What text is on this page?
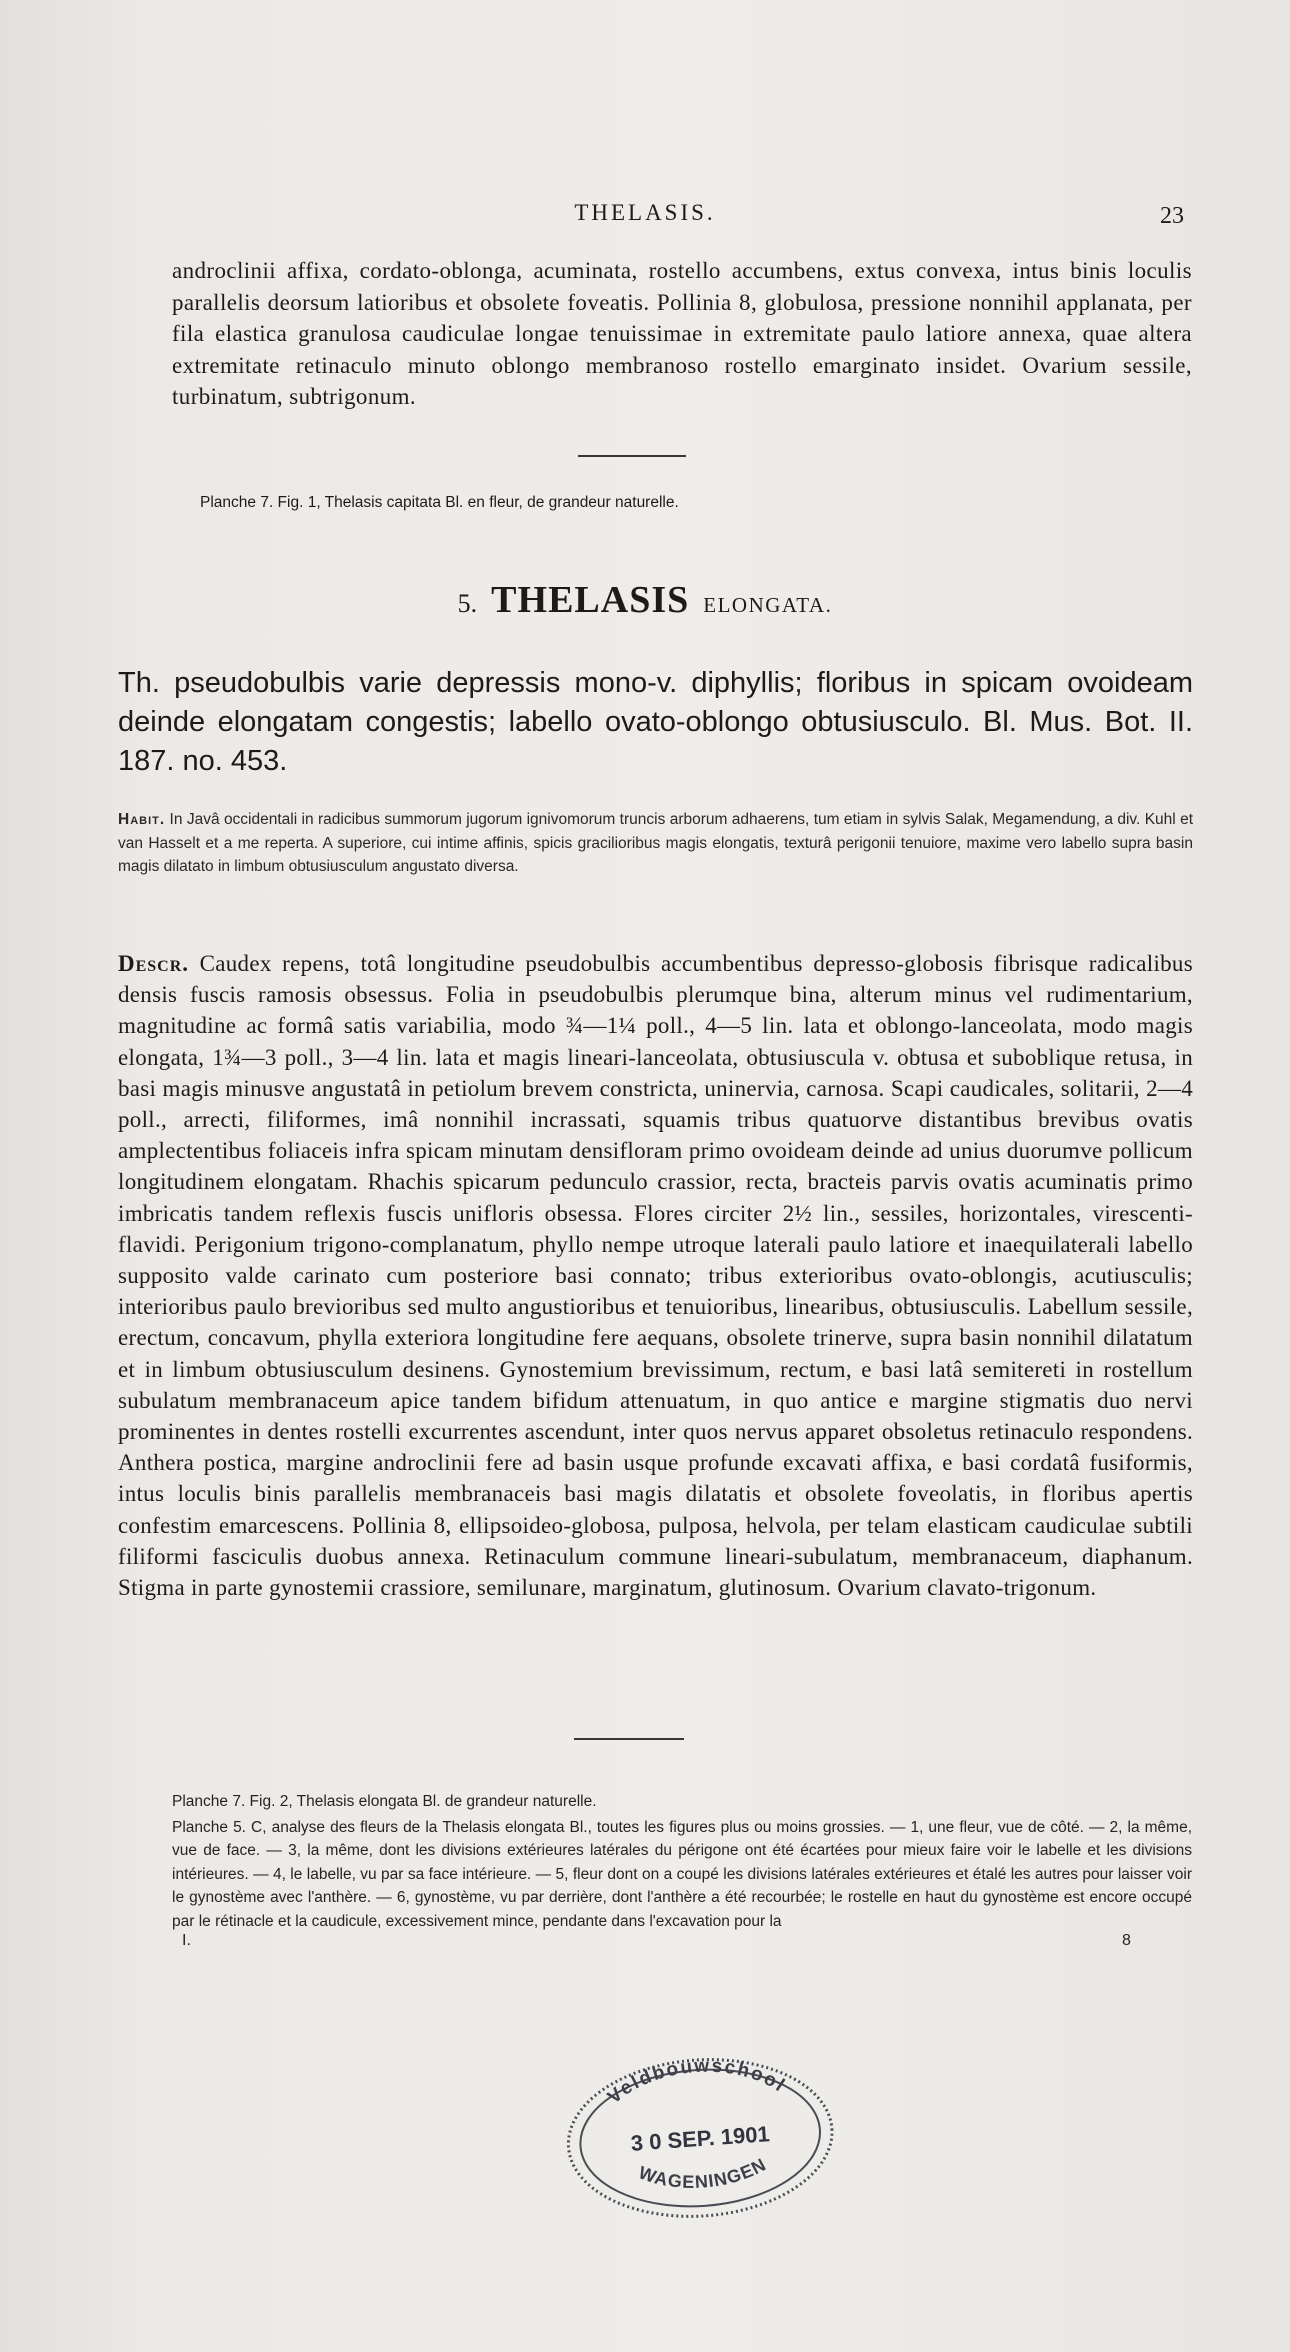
THELASIS.	23

androclinii affixa, cordato-oblonga, acuminata, rostello accumbens, extus convexa, intus binis loculis parallelis deorsum latioribus et obsolete foveatis. Pollinia 8, globulosa, pressione nonnihil applanata, per fila elastica granulosa caudiculae longae tenuissimae in extremitate paulo latiore annexa, quae altera extremitate retinaculo minuto oblongo membranoso rostello emarginato insidet. Ovarium sessile, turbinatum, subtrigonum.

Planche 7. Fig. 1, Thelasis capitata Bl. en fleur, de grandeur naturelle.
5. THELASIS ELONGATA.

Th. pseudobulbis varie depressis mono-v. diphyllis; floribus in spicam ovoideam deinde elongatam congestis; labello ovato-oblongo obtusiusculo. Bl. Mus. Bot. II. 187. no. 453.

Habit. In Javâ occidentali in radicibus summorum jugorum ignivomorum truncis arborum adhaerens, tum etiam in sylvis Salak, Megamendung, a div. Kuhl et van Hasselt et a me reperta. A superiore, cui intime affinis, spicis gracilioribus magis elongatis, texturâ perigonii tenuiore, maxime vero labello supra basin magis dilatato in limbum obtusiusculum angustato diversa.

Descr. Caudex repens, totâ longitudine pseudobulbis accumbentibus depresso-globosis fibrisque radicalibus densis fuscis ramosis obsessus. Folia in pseudobulbis plerumque bina, alterum minus vel rudimentarium, magnitudine ac formâ satis variabilia, modo ¾—1¼ poll., 4—5 lin. lata et oblongo-lanceolata, modo magis elongata, 1¾—3 poll., 3—4 lin. lata et magis lineari-lanceolata, obtusiuscula v. obtusa et suboblique retusa, in basi magis minusve angustatâ in petiolum brevem constricta, uninervia, carnosa. Scapi caudicales, solitarii, 2—4 poll., arrecti, filiformes, imâ nonnihil incrassati, squamis tribus quatuorve distantibus brevibus ovatis amplectentibus foliaceis infra spicam minutam densifloram primo ovoideam deinde ad unius duorumve pollicum longitudinem elongatam. Rhachis spicarum pedunculo crassior, recta, bracteis parvis ovatis acuminatis primo imbricatis tandem reflexis fuscis unifloris obsessa. Flores circiter 2½ lin., sessiles, horizontales, virescenti-flavidi. Perigonium trigono-complanatum, phyllo nempe utroque laterali paulo latiore et inaequilaterali labello supposito valde carinato cum posteriore basi connato; tribus exterioribus ovato-oblongis, acutiusculis; interioribus paulo brevioribus sed multo angustioribus et tenuioribus, linearibus, obtusiusculis. Labellum sessile, erectum, concavum, phylla exteriora longitudine fere aequans, obsolete trinerve, supra basin nonnihil dilatatum et in limbum obtusiusculum desinens. Gynostemium brevissimum, rectum, e basi latâ semitereti in rostellum subulatum membranaceum apice tandem bifidum attenuatum, in quo antice e margine stigmatis duo nervi prominentes in dentes rostelli excurrentes ascendunt, inter quos nervus apparet obsoletus retinaculo respondens. Anthera postica, margine androclinii fere ad basin usque profunde excavati affixa, e basi cordatâ fusiformis, intus loculis binis parallelis membranaceis basi magis dilatatis et obsolete foveolatis, in floribus apertis confestim emarcescens. Pollinia 8, ellipsoideo-globosa, pulposa, helvola, per telam elasticam caudiculae subtili filiformi fasciculis duobus annexa. Retinaculum commune lineari-subulatum, membranaceum, diaphanum. Stigma in parte gynostemii crassiore, semilunare, marginatum, glutinosum. Ovarium clavato-trigonum.

Planche 7. Fig. 2, Thelasis elongata Bl. de grandeur naturelle.

Planche 5. C, analyse des fleurs de la Thelasis elongata Bl., toutes les figures plus ou moins grossies. — 1, une fleur, vue de côté. — 2, la même, vue de face. — 3, la même, dont les divisions extérieures latérales du périgone ont été écartées pour mieux faire voir le labelle et les divisions intérieures. — 4, le labelle, vu par sa face intérieure. — 5, fleur dont on a coupé les divisions latérales extérieures et étalé les autres pour laisser voir le gynostème avec l'anthère. — 6, gynostème, vu par derrière, dont l'anthère a été recourbée; le rostelle en haut du gynostème est encore occupé par le rétinacle et la caudicule, excessivement mince, pendante dans l'excavation pour la

I.	8
Veldbouwschool
3 0 SEP. 1901
WAGENINGEN
